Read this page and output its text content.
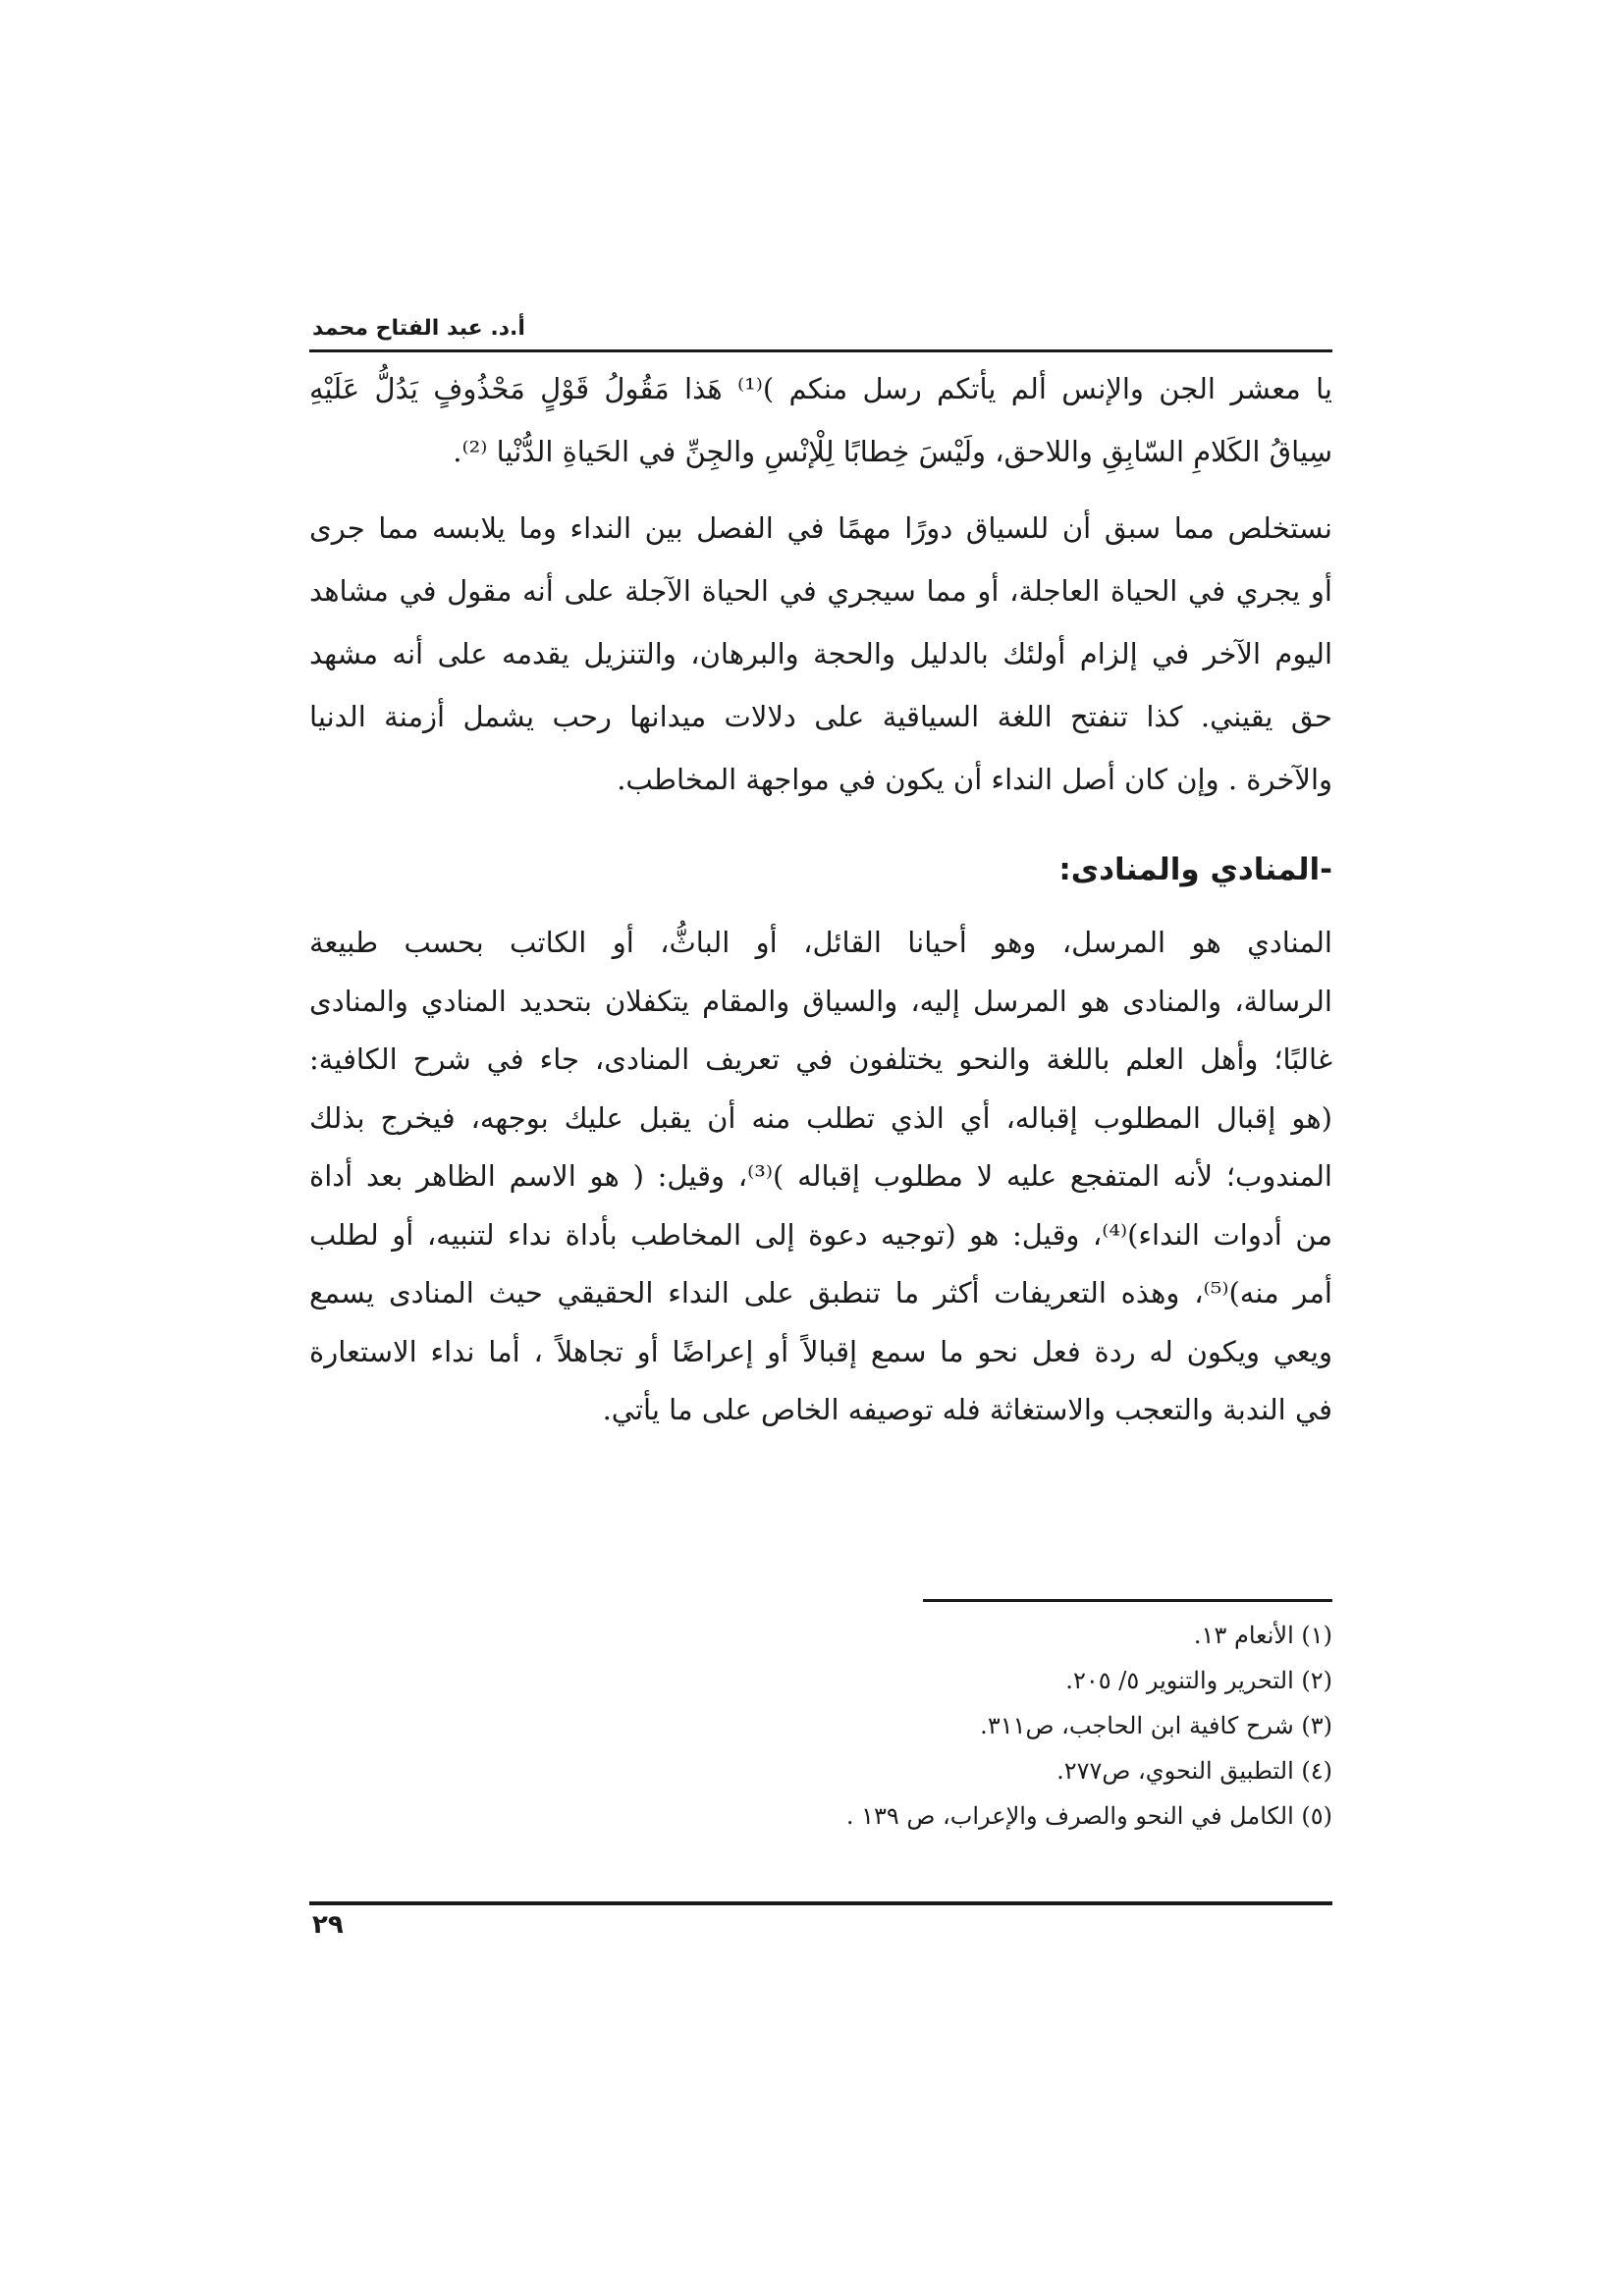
أ.د. عبد الفتاح محمد
يا معشر الجن والإنس ألم يأتكم رسل منكم )⁽¹⁾ هَذا مَقُولُ قَوْلٍ مَحْذُوفٍ يَدُلُّ عَلَيْهِ
سِياقُ الكَلامِ السّابِقِ واللاحق، ولَيْسَ خِطابًا لِلْإنْسِ والجِنِّ في الحَياةِ الدُّنْيا ⁽²⁾.
نستخلص مما سبق أن للسياق دورًا مهمًا في الفصل بين النداء وما يلابسه مما جرى
أو يجري في الحياة العاجلة، أو مما سيجري في الحياة الآجلة على أنه مقول في مشاهد
اليوم الآخر في إلزام أولئك بالدليل والحجة والبرهان، والتنزيل يقدمه على أنه مشهد
حق يقيني. كذا تنفتح اللغة السياقية على دلالات ميدانها رحب يشمل أزمنة الدنيا
والآخرة . وإن كان أصل النداء أن يكون في مواجهة المخاطب.
-المنادي والمنادى:
المنادي هو المرسل، وهو أحيانا القائل، أو الباثُّ، أو الكاتب بحسب طبيعة
الرسالة، والمنادى هو المرسل إليه، والسياق والمقام يتكفلان بتحديد المنادي والمنادى
غالبًا؛ وأهل العلم باللغة والنحو يختلفون في تعريف المنادى، جاء في شرح الكافية:
(هو إقبال المطلوب إقباله، أي الذي تطلب منه أن يقبل عليك بوجهه، فيخرج بذلك
المندوب؛ لأنه المتفجع عليه لا مطلوب إقباله )⁽³⁾، وقيل: ( هو الاسم الظاهر بعد أداة
من أدوات النداء)⁽⁴⁾، وقيل: هو (توجيه دعوة إلى المخاطب بأداة نداء لتنبيه، أو لطلب
أمر منه)⁽⁵⁾، وهذه التعريفات أكثر ما تنطبق على النداء الحقيقي حيث المنادى يسمع
ويعي ويكون له ردة فعل نحو ما سمع إقبالاً أو إعراضًا أو تجاهلاً ، أما نداء الاستعارة
في الندبة والتعجب والاستغاثة فله توصيفه الخاص على ما يأتي.
(١) الأنعام ١٣.
(٢) التحرير والتنوير ٥/ ٢٠٥.
(٣) شرح كافية ابن الحاجب، ص٣١١.
(٤) التطبيق النحوي، ص٢٧٧.
(٥) الكامل في النحو والصرف والإعراب، ص ١٣٩ .
٢٩
